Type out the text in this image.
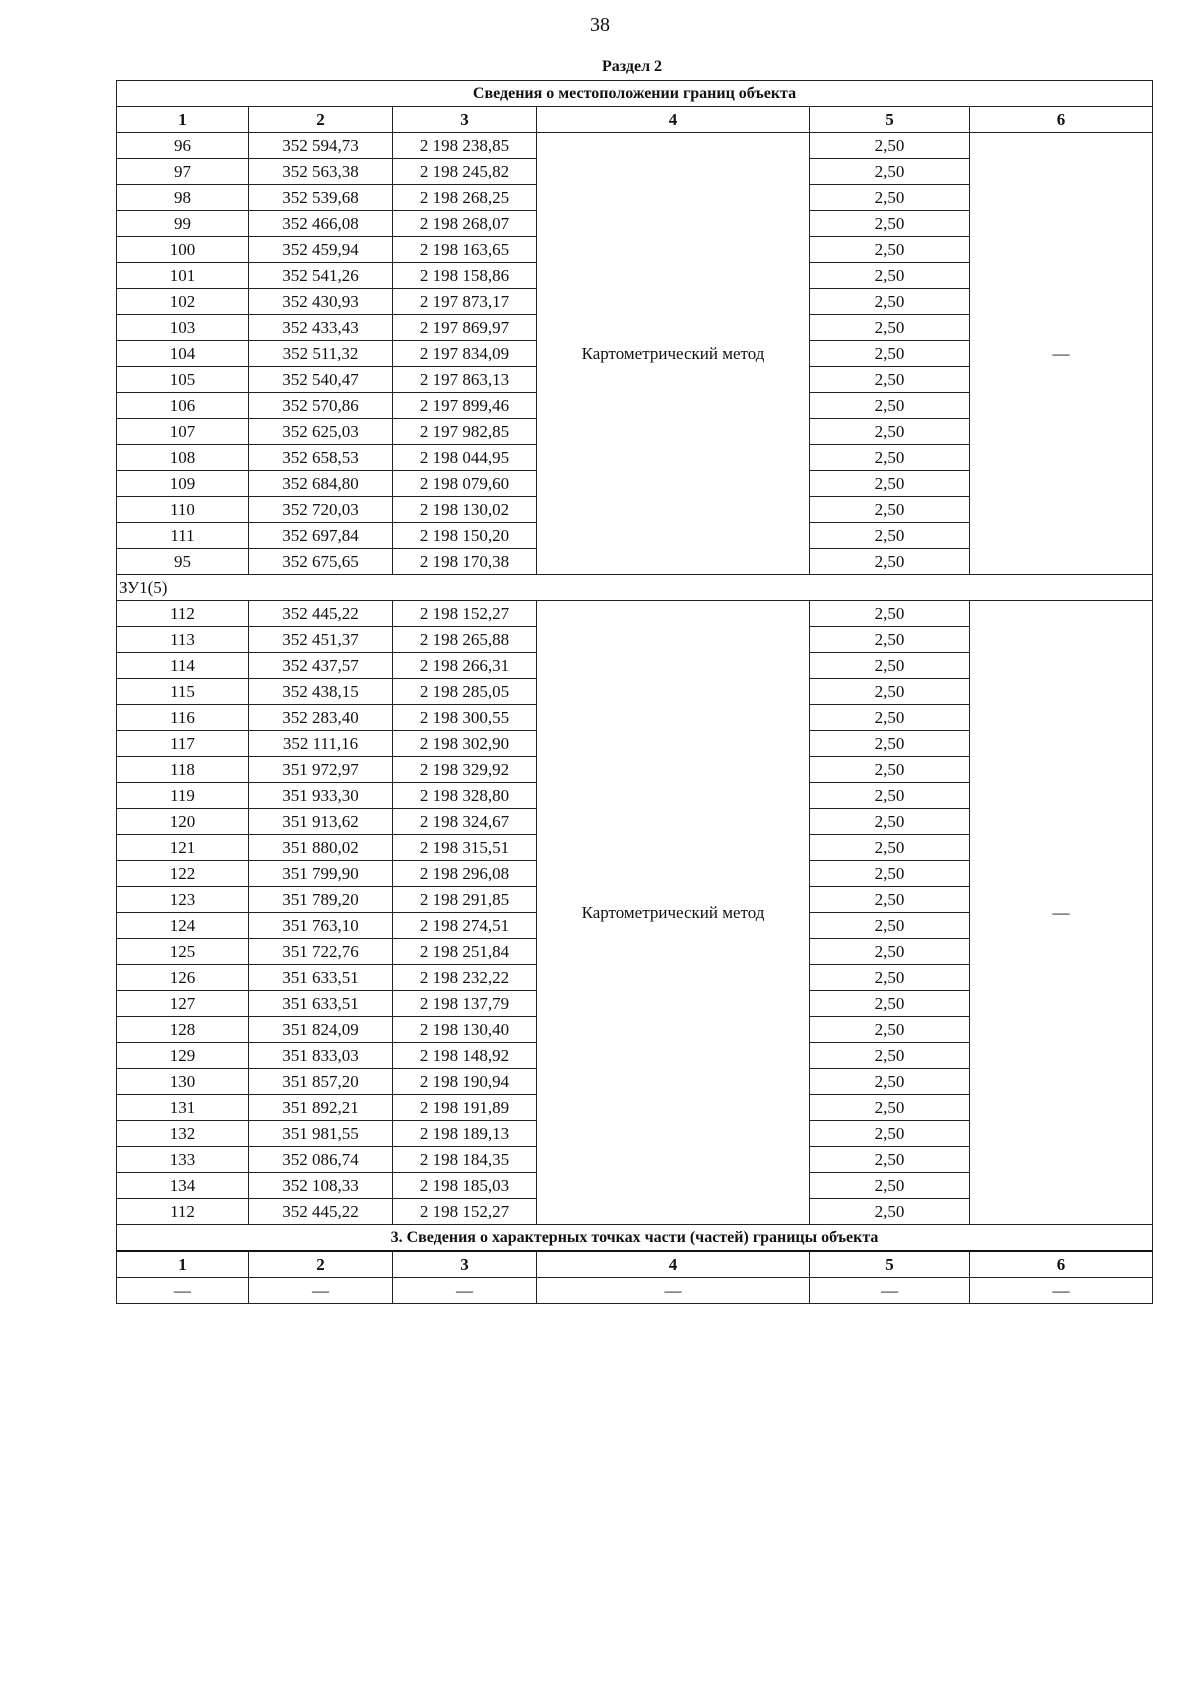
38
Раздел 2
Сведения о местоположении границ объекта					
1	2	3	4	5	6
96	352 594,73	2 198 238,85	Картометрический метод	2,50	—
97	352 563,38	2 198 245,82		2,50	
98	352 539,68	2 198 268,25		2,50	
99	352 466,08	2 198 268,07		2,50	
100	352 459,94	2 198 163,65		2,50	
101	352 541,26	2 198 158,86		2,50	
102	352 430,93	2 197 873,17		2,50	
103	352 433,43	2 197 869,97		2,50	
104	352 511,32	2 197 834,09		2,50	
105	352 540,47	2 197 863,13		2,50	
106	352 570,86	2 197 899,46		2,50	
107	352 625,03	2 197 982,85		2,50	
108	352 658,53	2 198 044,95		2,50	
109	352 684,80	2 198 079,60		2,50	
110	352 720,03	2 198 130,02		2,50	
111	352 697,84	2 198 150,20		2,50	
95	352 675,65	2 198 170,38		2,50	
ЗУ1(5)					
112	352 445,22	2 198 152,27	Картометрический метод	2,50	—
113	352 451,37	2 198 265,88		2,50	
114	352 437,57	2 198 266,31		2,50	
115	352 438,15	2 198 285,05		2,50	
116	352 283,40	2 198 300,55		2,50	
117	352 111,16	2 198 302,90		2,50	
118	351 972,97	2 198 329,92		2,50	
119	351 933,30	2 198 328,80		2,50	
120	351 913,62	2 198 324,67		2,50	
121	351 880,02	2 198 315,51		2,50	
122	351 799,90	2 198 296,08		2,50	
123	351 789,20	2 198 291,85		2,50	
124	351 763,10	2 198 274,51		2,50	
125	351 722,76	2 198 251,84		2,50	
126	351 633,51	2 198 232,22		2,50	
127	351 633,51	2 198 137,79		2,50	
128	351 824,09	2 198 130,40		2,50	
129	351 833,03	2 198 148,92		2,50	
130	351 857,20	2 198 190,94		2,50	
131	351 892,21	2 198 191,89		2,50	
132	351 981,55	2 198 189,13		2,50	
133	352 086,74	2 198 184,35		2,50	
134	352 108,33	2 198 185,03		2,50	
112	352 445,22	2 198 152,27		2,50	
3. Сведения о характерных точках части (частей) границы объекта					
1	2	3	4	5	6
—	—	—	—	—	—
